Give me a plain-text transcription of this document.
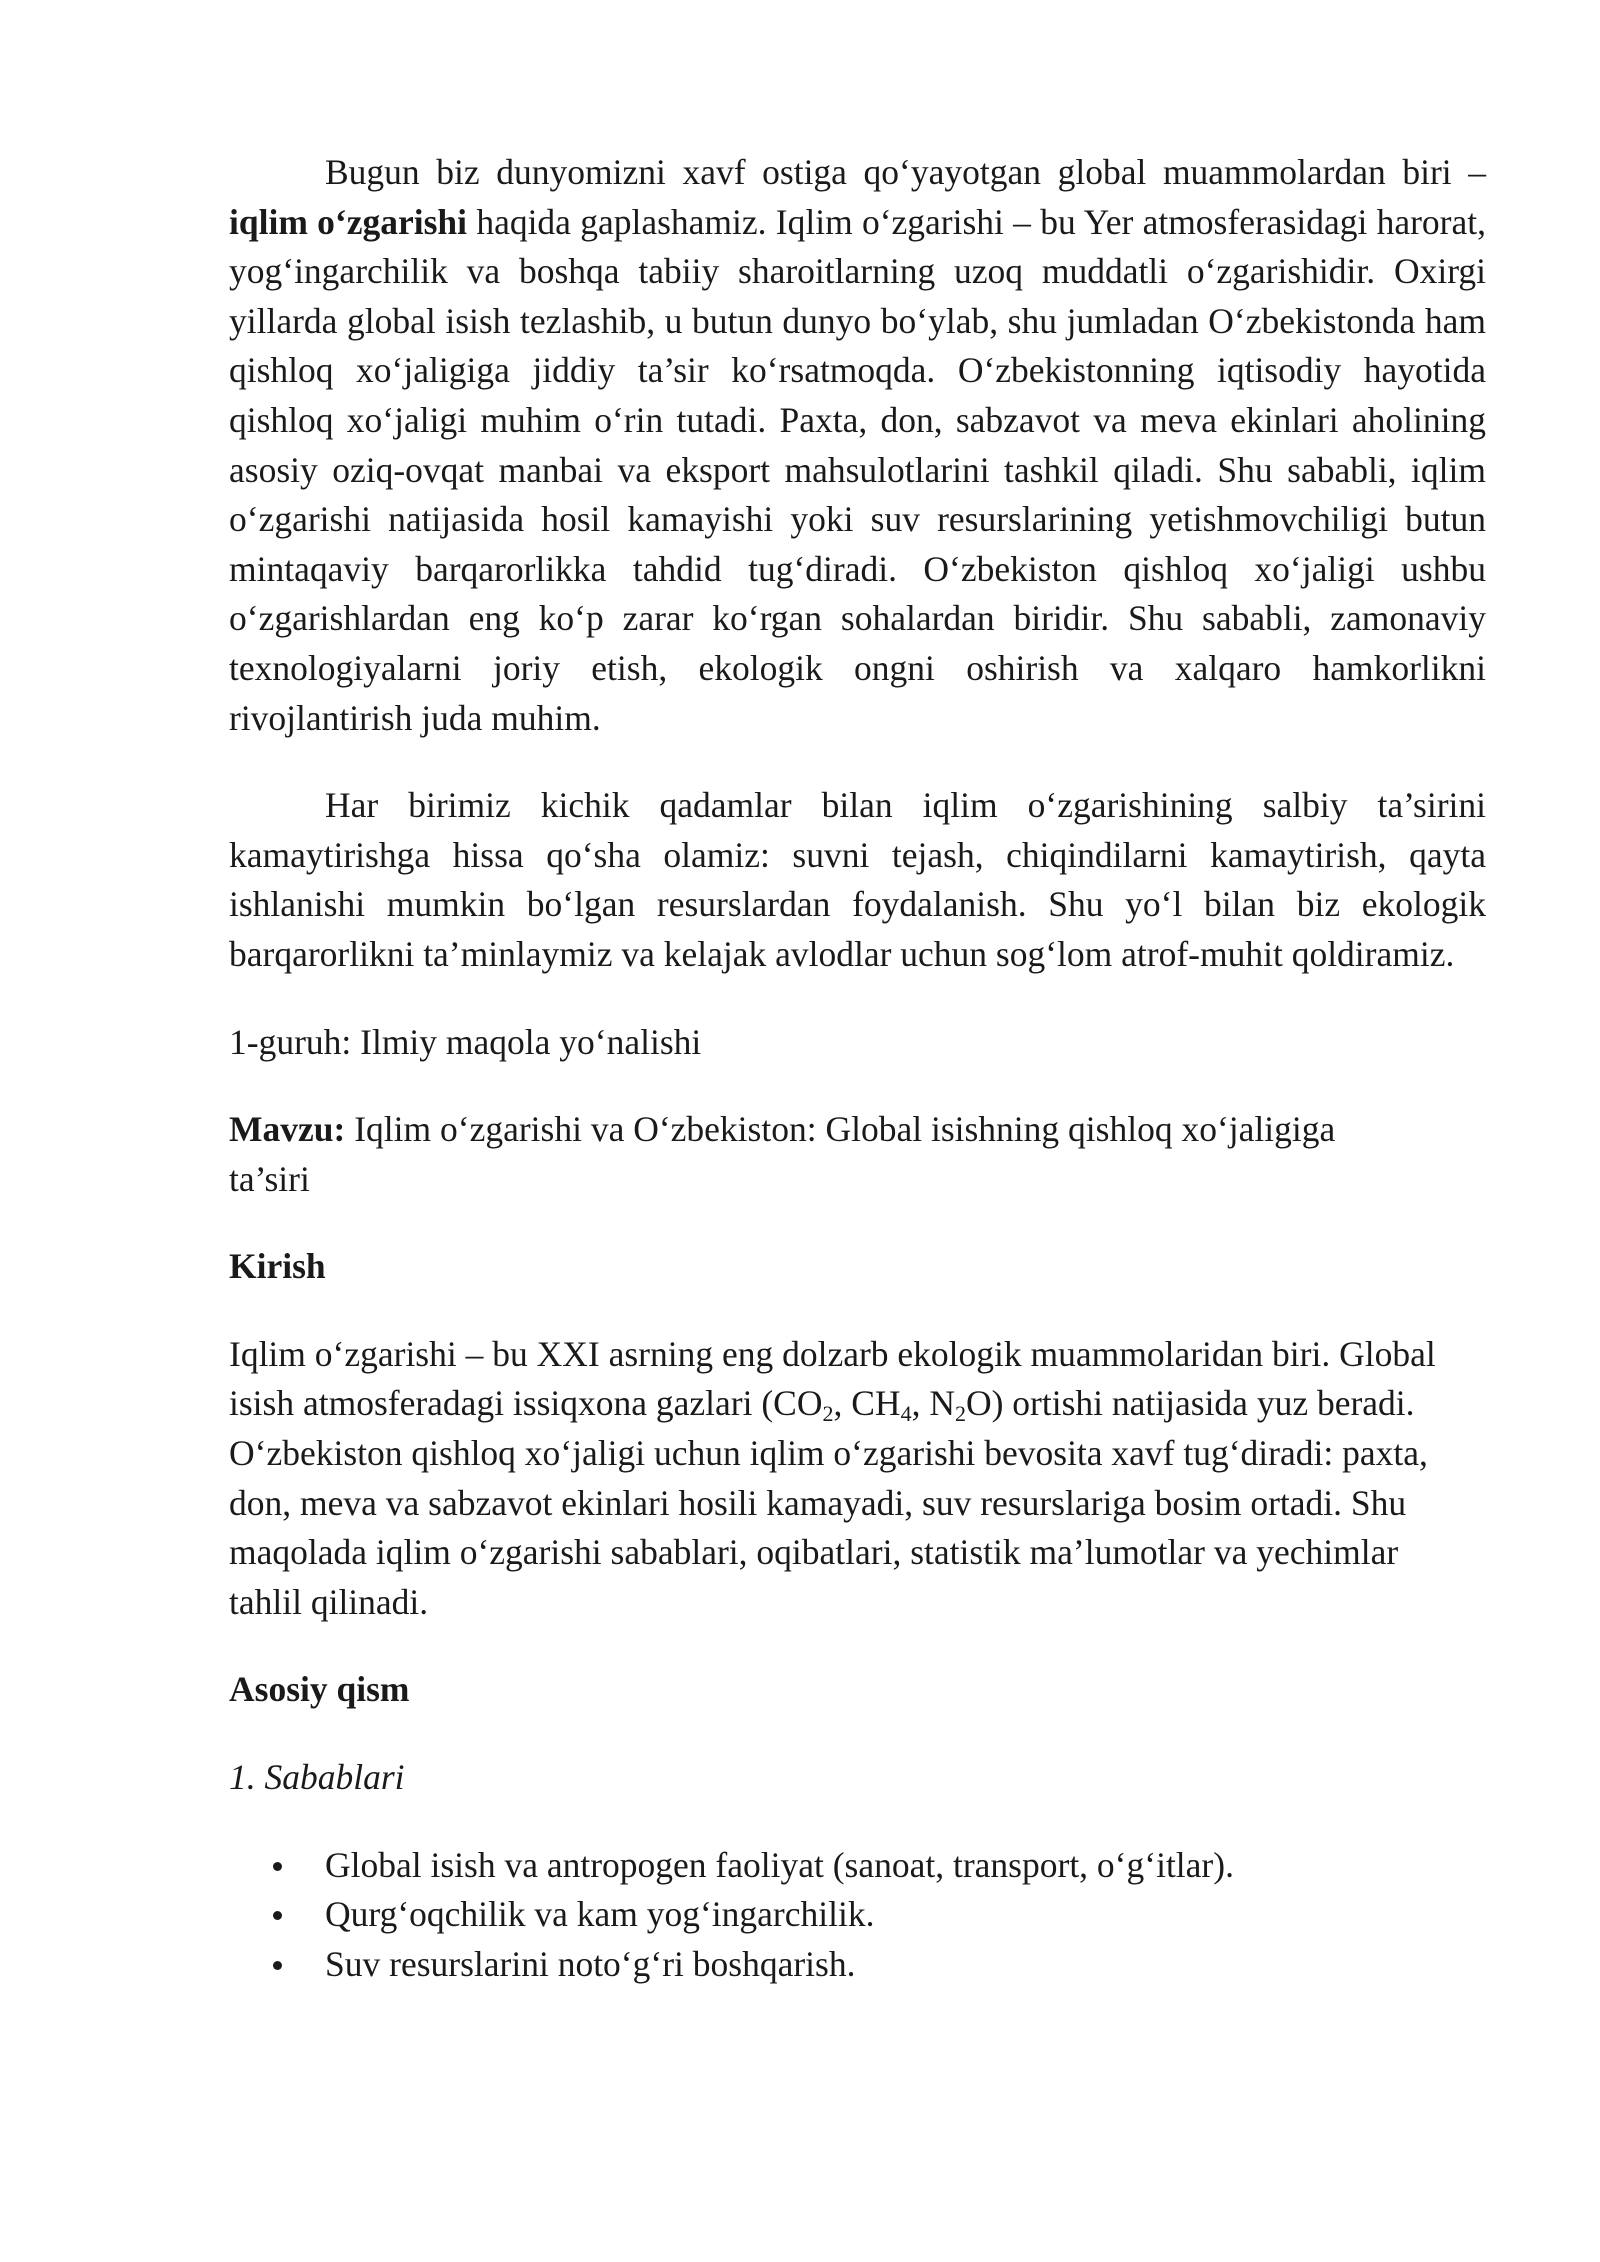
Bugun biz dunyomizni xavf ostiga qo‘yayotgan global muammolardan biri – iqlim o‘zgarishi haqida gaplashamiz. Iqlim o‘zgarishi – bu Yer atmosferasidagi harorat, yog‘ingarchilik va boshqa tabiiy sharoitlarning uzoq muddatli o‘zgarishidir. Oxirgi yillarda global isish tezlashib, u butun dunyo bo‘ylab, shu jumladan O‘zbekistonda ham qishloq xo‘jaligiga jiddiy ta’sir ko‘rsatmoqda. O‘zbekistonning iqtisodiy hayotida qishloq xo‘jaligi muhim o‘rin tutadi. Paxta, don, sabzavot va meva ekinlari aholining asosiy oziq-ovqat manbai va eksport mahsulotlarini tashkil qiladi. Shu sababli, iqlim o‘zgarishi natijasida hosil kamayishi yoki suv resurslarining yetishmovchiligi butun mintaqaviy barqarorlikka tahdid tug‘diradi. O‘zbekiston qishloq xo‘jaligi ushbu o‘zgarishlardan eng ko‘p zarar ko‘rgan sohalardan biridir. Shu sababli, zamonaviy texnologiyalarni joriy etish, ekologik ongni oshirish va xalqaro hamkorlikni rivojlantirish juda muhim.

Har birimiz kichik qadamlar bilan iqlim o‘zgarishining salbiy ta’sirini kamaytirishga hissa qo‘sha olamiz: suvni tejash, chiqindilarni kamaytirish, qayta ishlanishi mumkin bo‘lgan resurslardan foydalanish. Shu yo‘l bilan biz ekologik barqarorlikni ta’minlaymiz va kelajak avlodlar uchun sog‘lom atrof-muhit qoldiramiz.

1-guruh: Ilmiy maqola yo‘nalishi

Mavzu: Iqlim o‘zgarishi va O‘zbekiston: Global isishning qishloq xo‘jaligiga ta’siri

Kirish

Iqlim o‘zgarishi – bu XXI asrning eng dolzarb ekologik muammolaridan biri. Global isish atmosferadagi issiqxona gazlari ($CO_2$, $CH_4$, $N_2O$) ortishi natijasida yuz beradi. O‘zbekiston qishloq xo‘jaligi uchun iqlim o‘zgarishi bevosita xavf tug‘diradi: paxta, don, meva va sabzavot ekinlari hosili kamayadi, suv resurslariga bosim ortadi. Shu maqolada iqlim o‘zgarishi sabablari, oqibatlari, statistik ma’lumotlar va yechimlar tahlil qilinadi.

Asosiy qism

1. Sabablari

Global isish va antropogen faoliyat (sanoat, transport, o‘g‘itlar).
Qurg‘oqchilik va kam yog‘ingarchilik.
Suv resurslarini noto‘g‘ri boshqarish.
